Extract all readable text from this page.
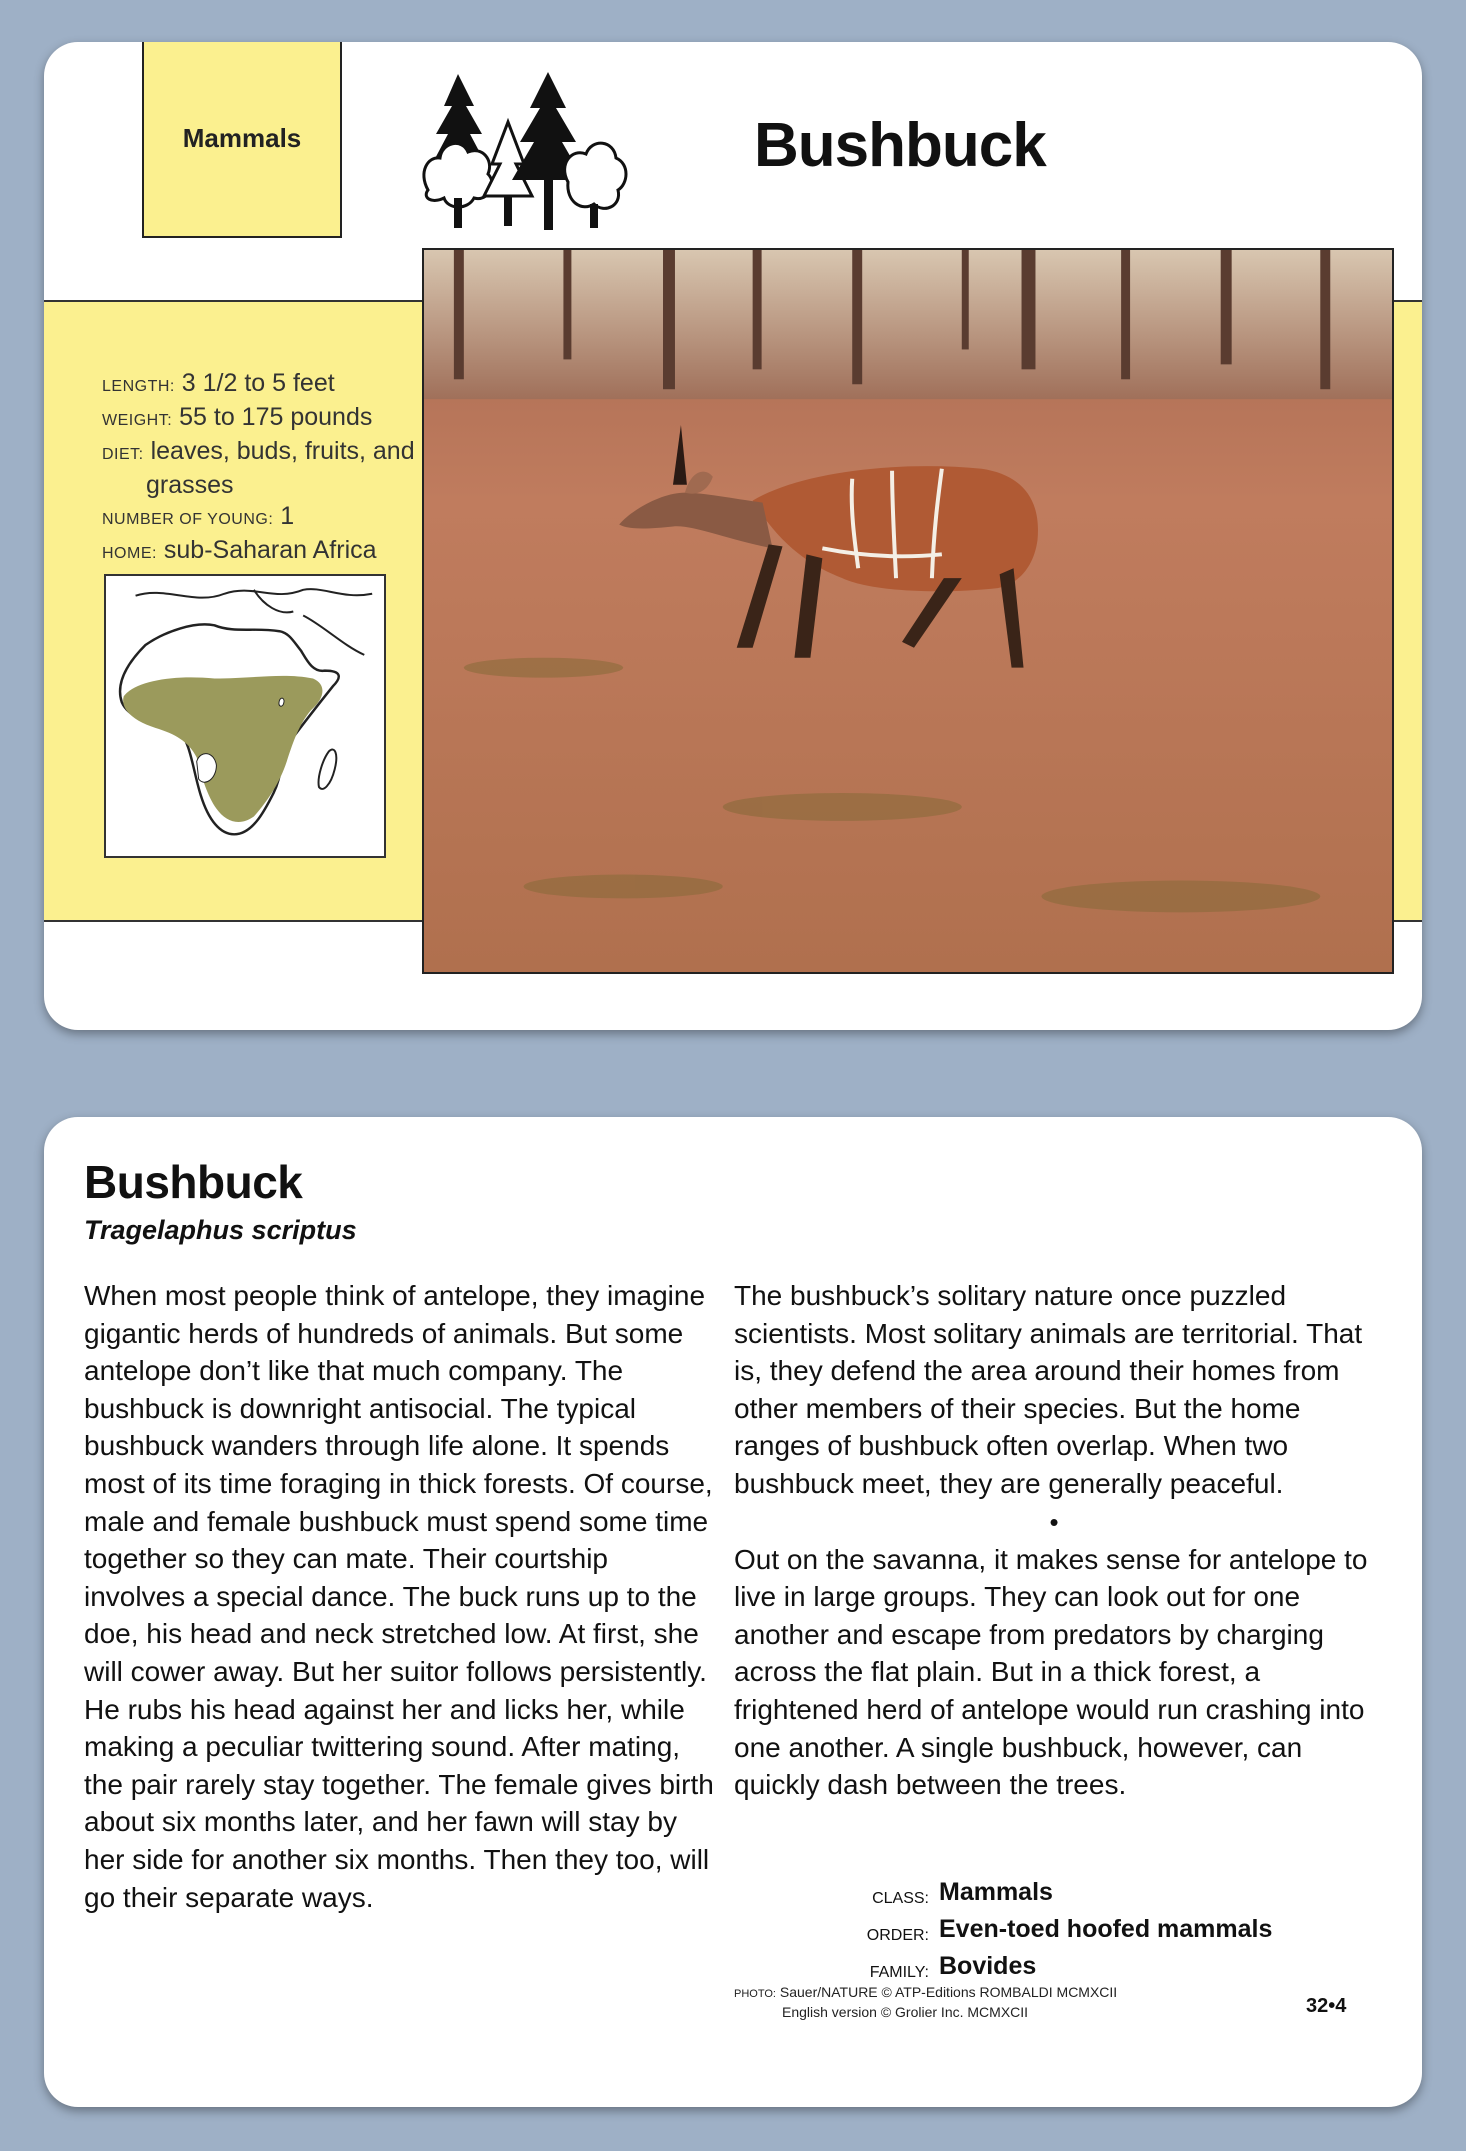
Mammals	Bushbuck
LENGTH: 3 1/2 to 5 feet
WEIGHT: 55 to 175 pounds
DIET: leaves, buds, fruits, and
grasses
NUMBER OF YOUNG: 1
HOME: sub-Saharan Africa
Bushbuck
Tragelaphus scriptus

When most people think of antelope, they imagine gigantic herds of hundreds of animals. But some antelope don’t like that much company. The bushbuck is downright antisocial. The typical bushbuck wanders through life alone. It spends most of its time foraging in thick forests. Of course, male and female bushbuck must spend some time together so they can mate. Their courtship involves a special dance. The buck runs up to the doe, his head and neck stretched low. At first, she will cower away. But her suitor follows persistently. He rubs his head against her and licks her, while making a peculiar twittering sound. After mating, the pair rarely stay together. The female gives birth about six months later, and her fawn will stay by her side for another six months. Then they too, will go their separate ways.

The bushbuck’s solitary nature once puzzled scientists. Most solitary animals are territorial. That is, they defend the area around their homes from other members of their species. But the home ranges of bushbuck often overlap. When two bushbuck meet, they are generally peaceful.

•

Out on the savanna, it makes sense for antelope to live in large groups. They can look out for one another and escape from predators by charging across the flat plain. But in a thick forest, a frightened herd of antelope would run crashing into one another. A single bushbuck, however, can quickly dash between the trees.

CLASS: Mammals
ORDER: Even-toed hoofed mammals
FAMILY: Bovides
PHOTO: Sauer/NATURE © ATP-Editions ROMBALDI MCMXCII
English version © Grolier Inc. MCMXCII	32•4
